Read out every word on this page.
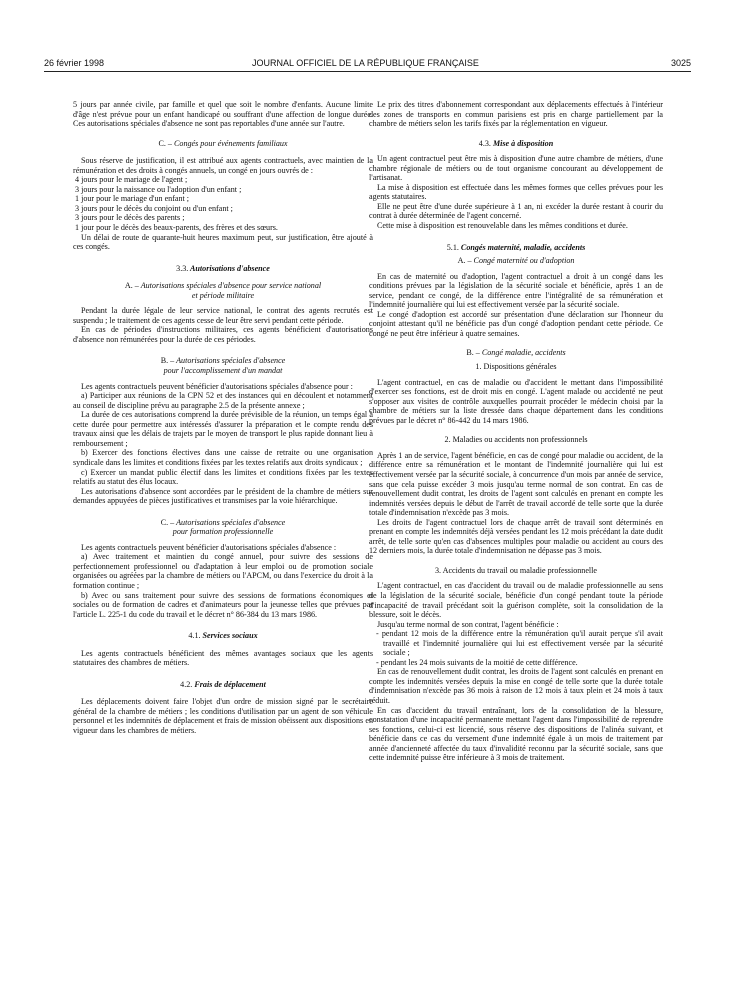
26 février 1998	JOURNAL OFFICIEL DE LA RÉPUBLIQUE FRANÇAISE	3025

5 jours par année civile, par famille et quel que soit le nombre d'enfants. Aucune limite d'âge n'est prévue pour un enfant handicapé ou souffrant d'une affection de longue durée. Ces autorisations spéciales d'absence ne sont pas reportables d'une année sur l'autre.

C. – Congés pour événements familiaux

Sous réserve de justification, il est attribué aux agents contractuels, avec maintien de la rémunération et des droits à congés annuels, un congé en jours ouvrés de :

4 jours pour le mariage de l'agent ;

3 jours pour la naissance ou l'adoption d'un enfant ;

1 jour pour le mariage d'un enfant ;

3 jours pour le décès du conjoint ou d'un enfant ;

3 jours pour le décès des parents ;

1 jour pour le décès des beaux-parents, des frères et des sœurs.

Un délai de route de quarante-huit heures maximum peut, sur justification, être ajouté à ces congés.

3.3. Autorisations d'absence
A. – Autorisations spéciales d'absence pour service national
et période militaire

Pendant la durée légale de leur service national, le contrat des agents recrutés est suspendu ; le traitement de ces agents cesse de leur être servi pendant cette période.

En cas de périodes d'instructions militaires, ces agents bénéficient d'autorisations d'absence non rémunérées pour la durée de ces périodes.

B. – Autorisations spéciales d'absence
pour l'accomplissement d'un mandat

Les agents contractuels peuvent bénéficier d'autorisations spéciales d'absence pour :

a) Participer aux réunions de la CPN 52 et des instances qui en découlent et notamment au conseil de discipline prévu au paragraphe 2.5 de la présente annexe ;

La durée de ces autorisations comprend la durée prévisible de la réunion, un temps égal à cette durée pour permettre aux intéressés d'assurer la préparation et le compte rendu des travaux ainsi que les délais de trajets par le moyen de transport le plus rapide donnant lieu à remboursement ;

b) Exercer des fonctions électives dans une caisse de retraite ou une organisation syndicale dans les limites et conditions fixées par les textes relatifs aux droits syndicaux ;

c) Exercer un mandat public électif dans les limites et conditions fixées par les textes relatifs au statut des élus locaux.

Les autorisations d'absence sont accordées par le président de la chambre de métiers sur demandes appuyées de pièces justificatives et transmises par la voie hiérarchique.

C. – Autorisations spéciales d'absence
pour formation professionnelle

Les agents contractuels peuvent bénéficier d'autorisations spéciales d'absence :

a) Avec traitement et maintien du congé annuel, pour suivre des sessions de perfectionnement professionnel ou d'adaptation à leur emploi ou de promotion sociale organisées ou agréées par la chambre de métiers ou l'APCM, ou dans l'exercice du droit à la formation continue ;

b) Avec ou sans traitement pour suivre des sessions de formations économiques et sociales ou de formation de cadres et d'animateurs pour la jeunesse telles que prévues par l'article L. 225-1 du code du travail et le décret n° 86-384 du 13 mars 1986.

4.1. Services sociaux

Les agents contractuels bénéficient des mêmes avantages sociaux que les agents statutaires des chambres de métiers.

4.2. Frais de déplacement

Les déplacements doivent faire l'objet d'un ordre de mission signé par le secrétaire général de la chambre de métiers ; les conditions d'utilisation par un agent de son véhicule personnel et les indemnités de déplacement et frais de mission obéissent aux dispositions en vigueur dans les chambres de métiers.

Le prix des titres d'abonnement correspondant aux déplacements effectués à l'intérieur des zones de transports en commun parisiens est pris en charge partiellement par la chambre de métiers selon les tarifs fixés par la réglementation en vigueur.

4.3. Mise à disposition

Un agent contractuel peut être mis à disposition d'une autre chambre de métiers, d'une chambre régionale de métiers ou de tout organisme concourant au développement de l'artisanat.

La mise à disposition est effectuée dans les mêmes formes que celles prévues pour les agents statutaires.

Elle ne peut être d'une durée supérieure à 1 an, ni excéder la durée restant à courir du contrat à durée déterminée de l'agent concerné.

Cette mise à disposition est renouvelable dans les mêmes conditions et durée.

5.1. Congés maternité, maladie, accidents
A. – Congé maternité ou d'adoption

En cas de maternité ou d'adoption, l'agent contractuel a droit à un congé dans les conditions prévues par la législation de la sécurité sociale et bénéficie, après 1 an de service, pendant ce congé, de la différence entre l'intégralité de sa rémunération et l'indemnité journalière qui lui est effectivement versée par la sécurité sociale.

Le congé d'adoption est accordé sur présentation d'une déclaration sur l'honneur du conjoint attestant qu'il ne bénéficie pas d'un congé d'adoption pendant cette période. Ce congé ne peut être inférieur à quatre semaines.

B. – Congé maladie, accidents
1. Dispositions générales

L'agent contractuel, en cas de maladie ou d'accident le mettant dans l'impossibilité d'exercer ses fonctions, est de droit mis en congé. L'agent malade ou accidenté ne peut s'opposer aux visites de contrôle auxquelles pourrait procéder le médecin choisi par la chambre de métiers sur la liste dressée dans chaque département dans les conditions prévues par le décret n° 86-442 du 14 mars 1986.

2. Maladies ou accidents non professionnels

Après 1 an de service, l'agent bénéficie, en cas de congé pour maladie ou accident, de la différence entre sa rémunération et le montant de l'indemnité journalière qui lui est effectivement versée par la sécurité sociale, à concurrence d'un mois par année de service, sans que cela puisse excéder 3 mois jusqu'au terme normal de son contrat. En cas de renouvellement dudit contrat, les droits de l'agent sont calculés en prenant en compte les indemnités versées depuis le début de l'arrêt de travail accordé de telle sorte que la durée totale d'indemnisation n'excède pas 3 mois.

Les droits de l'agent contractuel lors de chaque arrêt de travail sont déterminés en prenant en compte les indemnités déjà versées pendant les 12 mois précédant la date dudit arrêt, de telle sorte qu'en cas d'absences multiples pour maladie ou accident au cours des 12 derniers mois, la durée totale d'indemnisation ne dépasse pas 3 mois.

3. Accidents du travail ou maladie professionnelle

L'agent contractuel, en cas d'accident du travail ou de maladie professionnelle au sens de la législation de la sécurité sociale, bénéficie d'un congé pendant toute la période d'incapacité de travail précédant soit la guérison complète, soit la consolidation de la blessure, soit le décès.

Jusqu'au terme normal de son contrat, l'agent bénéficie :

- pendant 12 mois de la différence entre la rémunération qu'il aurait perçue s'il avait travaillé et l'indemnité journalière qui lui est effectivement versée par la sécurité sociale ;

- pendant les 24 mois suivants de la moitié de cette différence.

En cas de renouvellement dudit contrat, les droits de l'agent sont calculés en prenant en compte les indemnités versées depuis la mise en congé de telle sorte que la durée totale d'indemnisation n'excède pas 36 mois à raison de 12 mois à taux plein et 24 mois à taux réduit.

En cas d'accident du travail entraînant, lors de la consolidation de la blessure, constatation d'une incapacité permanente mettant l'agent dans l'impossibilité de reprendre ses fonctions, celui-ci est licencié, sous réserve des dispositions de l'alinéa suivant, et bénéficie dans ce cas du versement d'une indemnité égale à un mois de traitement par année d'ancienneté affectée du taux d'invalidité reconnu par la sécurité sociale, sans que cette indemnité puisse être inférieure à 3 mois de traitement.
